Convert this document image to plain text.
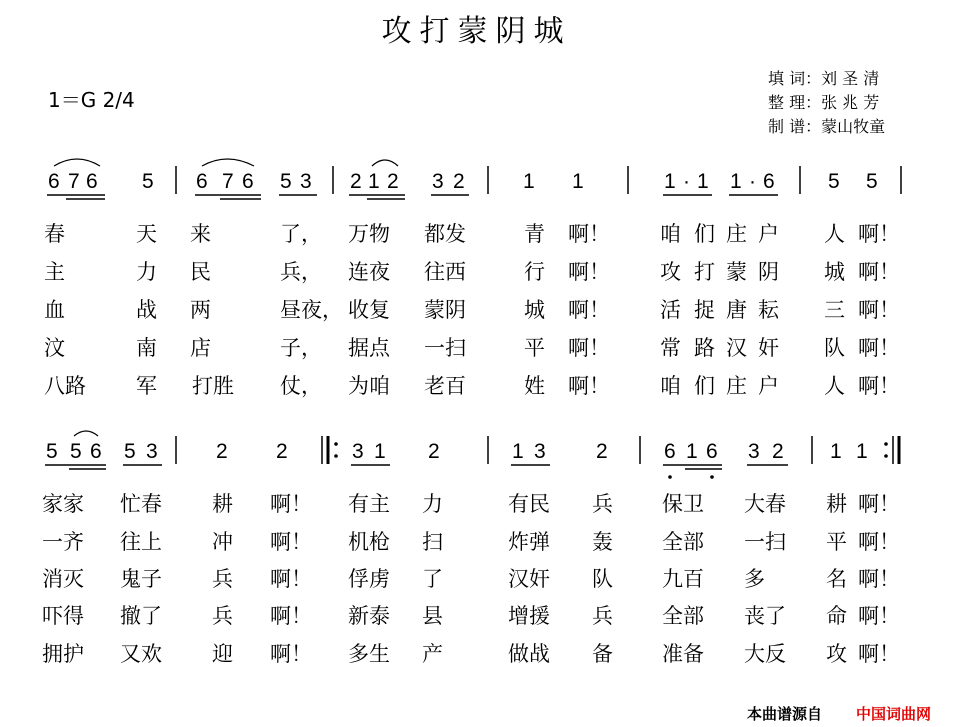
攻打蒙阴城
1＝G 2/4
填 词：刘 圣 清
整 理：张 兆 芳
制 谱：蒙山牧童
6 7 6 5 6 7 6 5 3 2 1 2 3 2	1 1	1 · 1 1 · 6	5 5
春	天 来	了， 万物 都发	青 啊！ 咱 们 庄 户 人 啊！
主	力 民	兵， 连夜 往西	行 啊！ 攻 打 蒙 阴 城 啊！
血	战 两	昼夜， 收复 蒙阴	城 啊！ 活 捉 唐 耘 三 啊！
汶	南 店	子， 据点 一扫	平 啊！ 常 路 汉 奸 队 啊！
八路 军 打胜 仗， 为咱 老百	姓 啊！ 咱 们 庄 户 人 啊！
5 5 6 5 3	2 2	3 1 2	1 3 2	6 1 6 3 2 1 1
家家 忙春 耕 啊！ 有主 力	有民 兵 保卫 大春 耕 啊！
一齐 往上 冲 啊！ 机枪 扫	炸弹 轰 全部 一扫 平 啊！
消灭 鬼子 兵 啊！ 俘虏 了	汉奸 队 九百 多	名 啊！
吓得 撤了 兵 啊！ 新泰 县	增援 兵 全部 丧了 命 啊！
拥护 又欢 迎 啊！ 多生 产	做战 备 准备 大反 攻 啊！
本曲谱源自 中国词曲网
